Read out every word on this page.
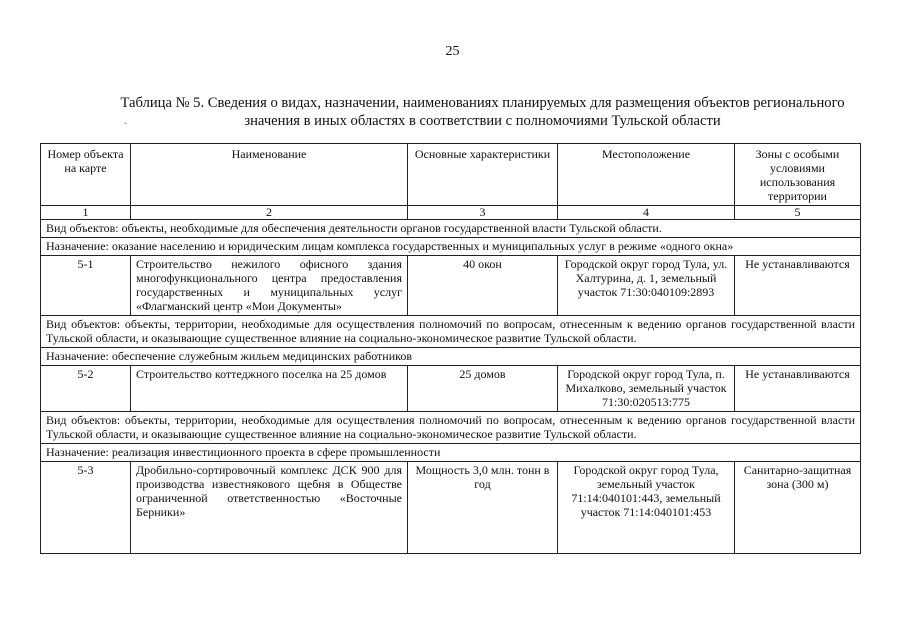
25
Таблица № 5. Сведения о видах, назначении, наименованиях планируемых для размещения объектов регионального
значения в иных областях в соответствии с полномочиями Тульской области
ˏ
Номер объекта на карте	Наименование	Основные характеристики	Местоположение	Зоны с особыми условиями использования территории
1	2	3	4	5
Вид объектов: объекты, необходимые для обеспечения деятельности органов государственной власти Тульской области.				
Назначение: оказание населению и юридическим лицам комплекса государственных и муниципальных услуг в режиме «одного окна»				
5-1	Строительство нежилого офисного здания многофункционального центра предоставления государственных и муниципальных услуг «Флагманский центр «Мои Документы»	40 окон	Городской округ город Тула, ул. Халтурина, д. 1, земельный участок 71:30:040109:2893	Не устанавливаются
Вид объектов: объекты, территории, необходимые для осуществления полномочий по вопросам, отнесенным к ведению органов государственной власти Тульской области, и оказывающие существенное влияние на социально-экономическое развитие Тульской области.				
Назначение: обеспечение служебным жильем медицинских работников				
5-2	Строительство коттеджного поселка на 25 домов	25 домов	Городской округ город Тула, п. Михалково, земельный участок 71:30:020513:775	Не устанавливаются
Вид объектов: объекты, территории, необходимые для осуществления полномочий по вопросам, отнесенным к ведению органов государственной власти Тульской области, и оказывающие существенное влияние на социально-экономическое развитие Тульской области.				
Назначение: реализация инвестиционного проекта в сфере промышленности				
5-3	Дробильно-сортировочный комплекс ДСК 900 для производства известнякового щебня в Обществе ограниченной ответственностью «Восточные Берники»	Мощность 3,0 млн. тонн в год	Городской округ город Тула, земельный участок 71:14:040101:443, земельный участок 71:14:040101:453	Санитарно-защитная зона (300 м)
